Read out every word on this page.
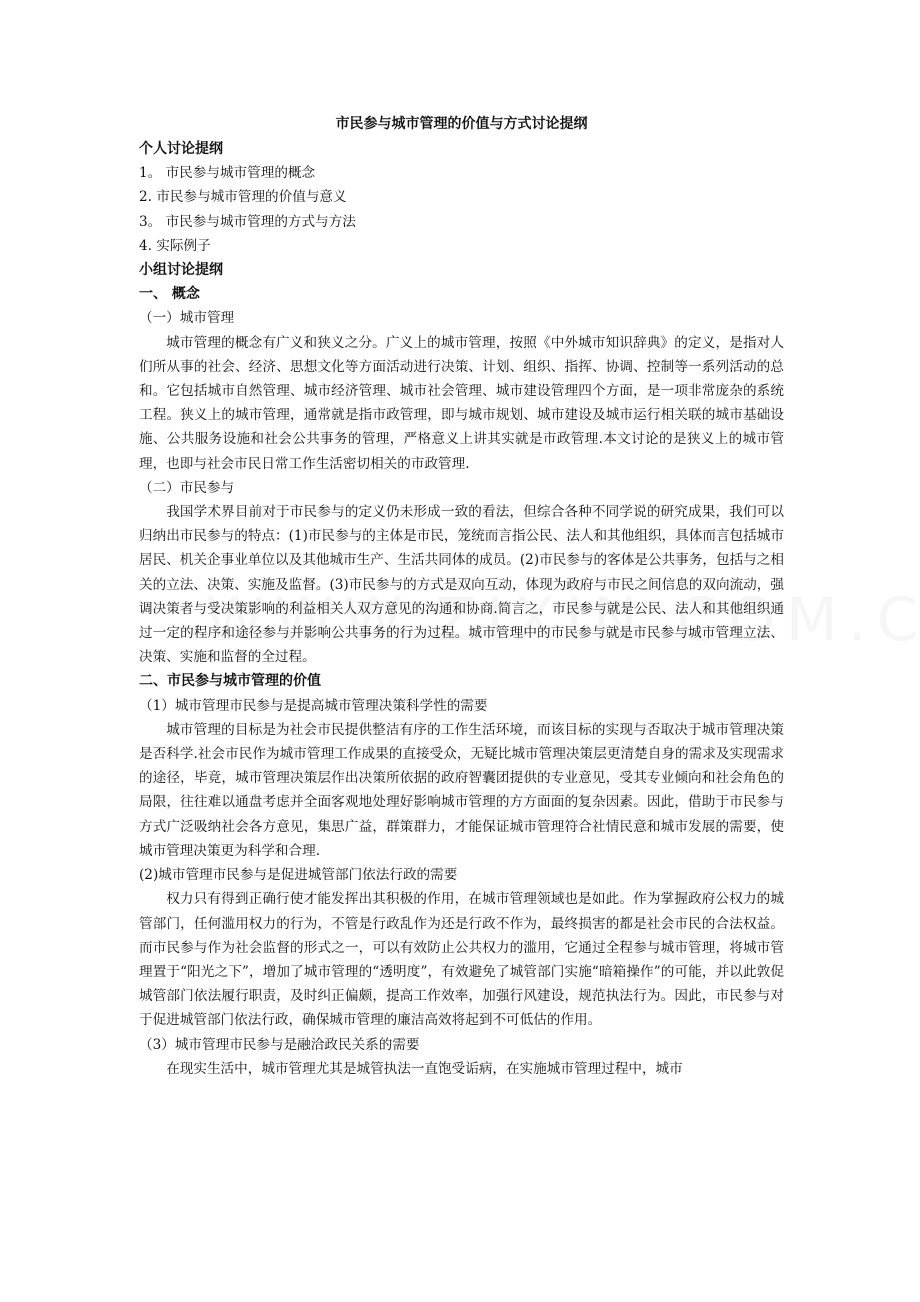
市民参与城市管理的价值与方式讨论提纲

个人讨论提纲

1。 市民参与城市管理的概念

2. 市民参与城市管理的价值与意义

3。 市民参与城市管理的方式与方法

4. 实际例子

小组讨论提纲

一、 概念

（一）城市管理

城市管理的概念有广义和狭义之分。广义上的城市管理，按照《中外城市知识辞典》的定义，是指对人们所从事的社会、经济、思想文化等方面活动进行决策、计划、组织、指挥、协调、控制等一系列活动的总和。它包括城市自然管理、城市经济管理、城市社会管理、城市建设管理四个方面，是一项非常庞杂的系统工程。狭义上的城市管理，通常就是指市政管理，即与城市规划、城市建设及城市运行相关联的城市基础设施、公共服务设施和社会公共事务的管理，严格意义上讲其实就是市政管理.本文讨论的是狭义上的城市管理，也即与社会市民日常工作生活密切相关的市政管理.

（二）市民参与

我国学术界目前对于市民参与的定义仍未形成一致的看法，但综合各种不同学说的研究成果，我们可以归纳出市民参与的特点：(1)市民参与的主体是市民，笼统而言指公民、法人和其他组织，具体而言包括城市居民、机关企事业单位以及其他城市生产、生活共同体的成员。(2)市民参与的客体是公共事务，包括与之相关的立法、决策、实施及监督。(3)市民参与的方式是双向互动，体现为政府与市民之间信息的双向流动，强调决策者与受决策影响的利益相关人双方意见的沟通和协商.简言之，市民参与就是公民、法人和其他组织通过一定的程序和途径参与并影响公共事务的行为过程。城市管理中的市民参与就是市民参与城市管理立法、决策、实施和监督的全过程。

二、市民参与城市管理的价值

（1）城市管理市民参与是提高城市管理决策科学性的需要

城市管理的目标是为社会市民提供整洁有序的工作生活环境，而该目标的实现与否取决于城市管理决策是否科学.社会市民作为城市管理工作成果的直接受众，无疑比城市管理决策层更清楚自身的需求及实现需求的途径，毕竟，城市管理决策层作出决策所依据的政府智囊团提供的专业意见，受其专业倾向和社会角色的局限，往往难以通盘考虑并全面客观地处理好影响城市管理的方方面面的复杂因素。因此，借助于市民参与方式广泛吸纳社会各方意见，集思广益，群策群力，才能保证城市管理符合社情民意和城市发展的需要，使城市管理决策更为科学和合理.

(2)城市管理市民参与是促进城管部门依法行政的需要

权力只有得到正确行使才能发挥出其积极的作用，在城市管理领域也是如此。作为掌握政府公权力的城管部门，任何滥用权力的行为，不管是行政乱作为还是行政不作为，最终损害的都是社会市民的合法权益。而市民参与作为社会监督的形式之一，可以有效防止公共权力的滥用，它通过全程参与城市管理，将城市管理置于“阳光之下”，增加了城市管理的“透明度”，有效避免了城管部门实施“暗箱操作”的可能，并以此敦促城管部门依法履行职责，及时纠正偏颇，提高工作效率，加强行风建设，规范执法行为。因此，市民参与对于促进城管部门依法行政，确保城市管理的廉洁高效将起到不可低估的作用。

（3）城市管理市民参与是融洽政民关系的需要

在现实生活中，城市管理尤其是城管执法一直饱受诟病，在实施城市管理过程中，城市
